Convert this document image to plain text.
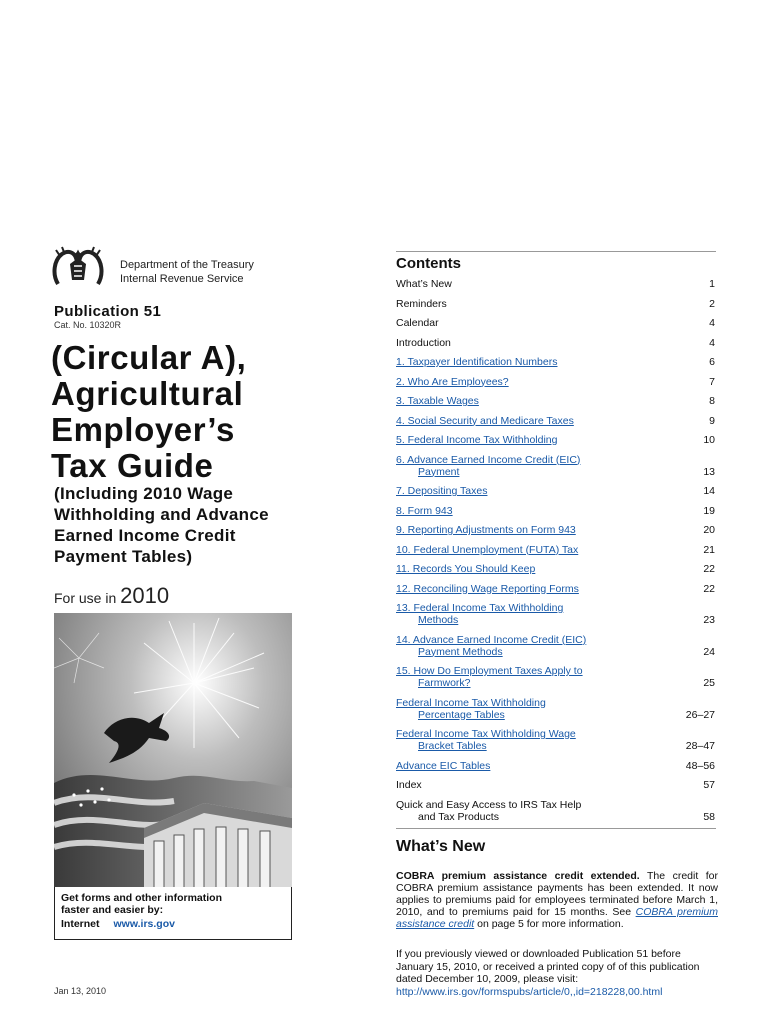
Department of the Treasury
Internal Revenue Service
Publication 51
Cat. No. 10320R
(Circular A),
Agricultural
Employer’s
Tax Guide
(Including 2010 Wage
Withholding and Advance
Earned Income Credit
Payment Tables)
For use in 2010
Get forms and other information
faster and easier by:
Internet www.irs.gov
Jan 13, 2010
Contents
What’s New	1
Reminders	2
Calendar	4
Introduction	4
1. Taxpayer Identification Numbers	6
2. Who Are Employees?	7
3. Taxable Wages	8
4. Social Security and Medicare Taxes	9
5. Federal Income Tax Withholding	10
6. Advance Earned Income Credit (EIC)
Payment	13
7. Depositing Taxes	14
8. Form 943	19
9. Reporting Adjustments on Form 943	20
10. Federal Unemployment (FUTA) Tax	21
11. Records You Should Keep	22
12. Reconciling Wage Reporting Forms	22
13. Federal Income Tax Withholding
Methods	23
14. Advance Earned Income Credit (EIC)
Payment Methods	24
15. How Do Employment Taxes Apply to
Farmwork?	25
Federal Income Tax Withholding
Percentage Tables	26–27
Federal Income Tax Withholding Wage
Bracket Tables	28–47
Advance EIC Tables	48–56
Index	57
Quick and Easy Access to IRS Tax Help
and Tax Products	58
What’s New
COBRA premium assistance credit extended. The credit for COBRA premium assistance payments has been extended. It now applies to premiums paid for employees terminated before March 1, 2010, and to premiums paid for 15 months. See COBRA premium assistance credit on page 5 for more information.
If you previously viewed or downloaded Publication 51 before January 15, 2010, or received a printed copy of of this publication dated December 10, 2009, please visit:
http://www.irs.gov/formspubs/article/0,,id=218228,00.html
